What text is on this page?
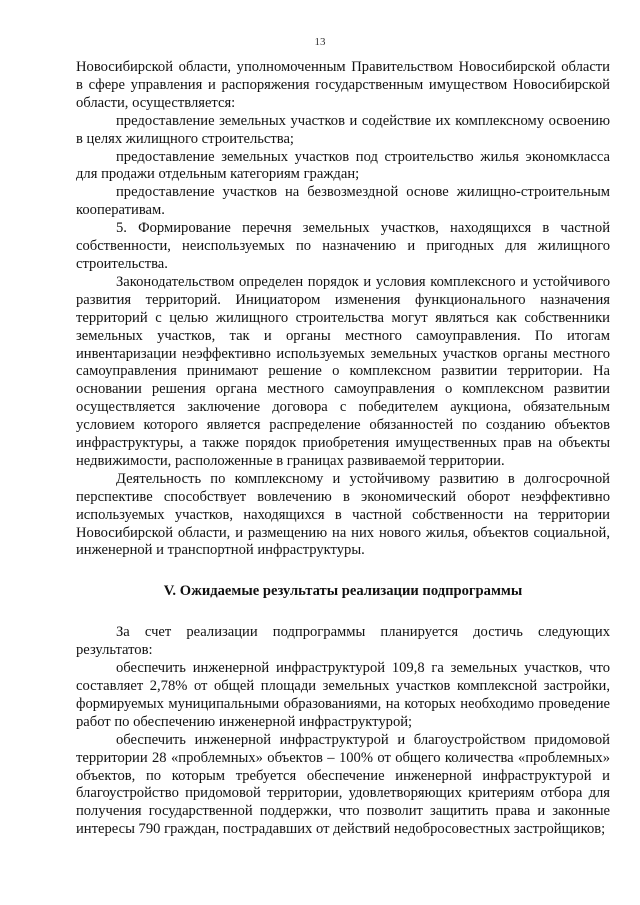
13

Новосибирской области, уполномоченным Правительством Новосибирской области в сфере управления и распоряжения государственным имуществом Новосибирской области, осуществляется:

предоставление земельных участков и содействие их комплексному освоению в целях жилищного строительства;

предоставление земельных участков под строительство жилья экономкласса для продажи отдельным категориям граждан;

предоставление участков на безвозмездной основе жилищно-строительным кооперативам.

5. Формирование перечня земельных участков, находящихся в частной собственности, неиспользуемых по назначению и пригодных для жилищного строительства.

Законодательством определен порядок и условия комплексного и устойчивого развития территорий. Инициатором изменения функционального назначения территорий с целью жилищного строительства могут являться как собственники земельных участков, так и органы местного самоуправления. По итогам инвентаризации неэффективно используемых земельных участков органы местного самоуправления принимают решение о комплексном развитии территории. На основании решения органа местного самоуправления о комплексном развитии осуществляется заключение договора с победителем аукциона, обязательным условием которого является распределение обязанностей по созданию объектов инфраструктуры, а также порядок приобретения имущественных прав на объекты недвижимости, расположенные в границах развиваемой территории.

Деятельность по комплексному и устойчивому развитию в долгосрочной перспективе способствует вовлечению в экономический оборот неэффективно используемых участков, находящихся в частной собственности на территории Новосибирской области, и размещению на них нового жилья, объектов социальной, инженерной и транспортной инфраструктуры.

V. Ожидаемые результаты реализации подпрограммы

За счет реализации подпрограммы планируется достичь следующих результатов:

обеспечить инженерной инфраструктурой 109,8 га земельных участков, что составляет 2,78% от общей площади земельных участков комплексной застройки, формируемых муниципальными образованиями, на которых необходимо проведение работ по обеспечению инженерной инфраструктурой;

обеспечить инженерной инфраструктурой и благоустройством придомовой территории 28 «проблемных» объектов – 100% от общего количества «проблемных» объектов, по которым требуется обеспечение инженерной инфраструктурой и благоустройство придомовой территории, удовлетворяющих критериям отбора для получения государственной поддержки, что позволит защитить права и законные интересы 790 граждан, пострадавших от действий недобросовестных застройщиков;
